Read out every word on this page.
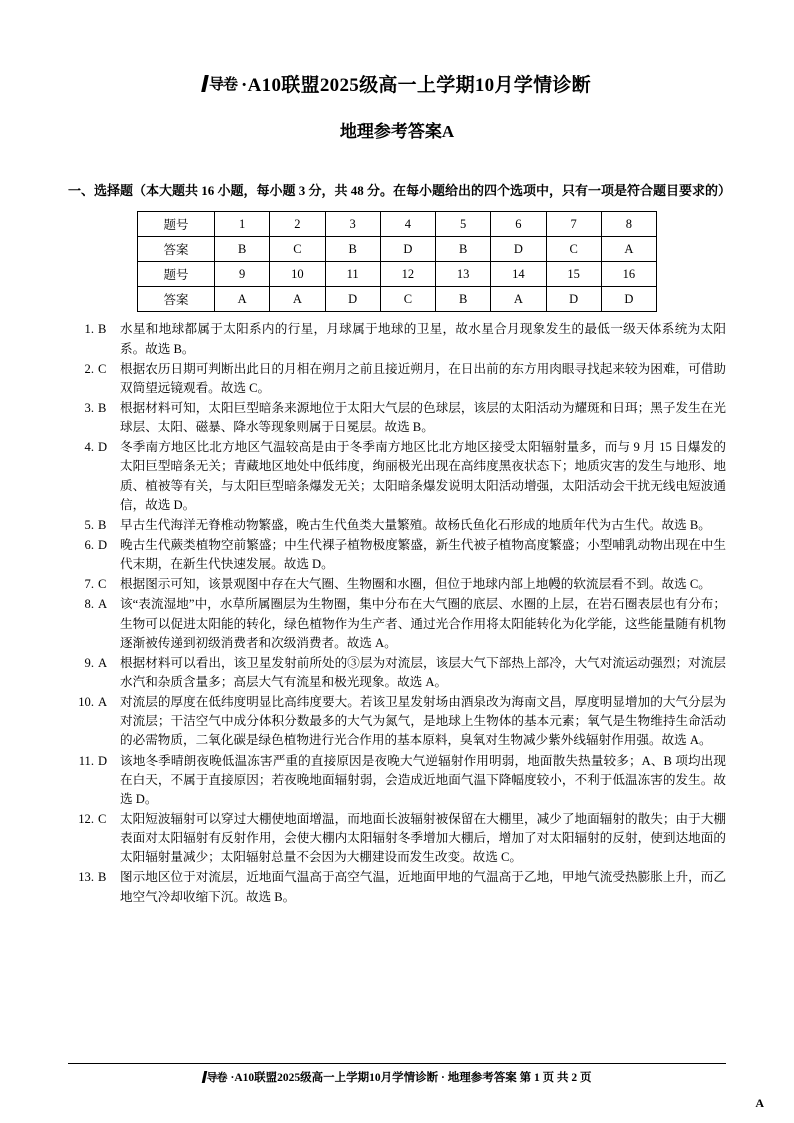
导卷 ·A10联盟2025级高一上学期10月学情诊断
地理参考答案A
一、选择题（本大题共 16 小题，每小题 3 分，共 48 分。在每小题给出的四个选项中，只有一项是符合题目要求的）
题号	1	2	3	4	5	6	7	8
答案	B	C	B	D	B	D	C	A
题号	9	10	11	12	13	14	15	16
答案	A	A	D	C	B	A	D	D
1. B	水星和地球都属于太阳系内的行星，月球属于地球的卫星，故水星合月现象发生的最低一级天体系统为太阳系。故选 B。
2. C	根据农历日期可判断出此日的月相在朔月之前且接近朔月，在日出前的东方用肉眼寻找起来较为困难，可借助双筒望远镜观看。故选 C。
3. B	根据材料可知，太阳巨型暗条来源地位于太阳大气层的色球层，该层的太阳活动为耀斑和日珥；黑子发生在光球层、太阳、磁暴、降水等现象则属于日冕层。故选 B。
4. D	冬季南方地区比北方地区气温较高是由于冬季南方地区比北方地区接受太阳辐射量多，而与 9 月 15 日爆发的太阳巨型暗条无关；青藏地区地处中低纬度，绚丽极光出现在高纬度黑夜状态下；地质灾害的发生与地形、地质、植被等有关，与太阳巨型暗条爆发无关；太阳暗条爆发说明太阳活动增强，太阳活动会干扰无线电短波通信，故选 D。
5. B	早古生代海洋无脊椎动物繁盛，晚古生代鱼类大量繁殖。故杨氏鱼化石形成的地质年代为古生代。故选 B。
6. D	晚古生代蕨类植物空前繁盛；中生代裸子植物极度繁盛，新生代被子植物高度繁盛；小型哺乳动物出现在中生代末期，在新生代快速发展。故选 D。
7. C	根据图示可知，该景观图中存在大气圈、生物圈和水圈，但位于地球内部上地幔的软流层看不到。故选 C。
8. A	该“表流湿地”中，水草所属圈层为生物圈，集中分布在大气圈的底层、水圈的上层，在岩石圈表层也有分布；生物可以促进太阳能的转化，绿色植物作为生产者、通过光合作用将太阳能转化为化学能，这些能量随有机物逐渐被传递到初级消费者和次级消费者。故选 A。
9. A	根据材料可以看出，该卫星发射前所处的③层为对流层，该层大气下部热上部冷，大气对流运动强烈；对流层水汽和杂质含量多；高层大气有流星和极光现象。故选 A。
10. A	对流层的厚度在低纬度明显比高纬度要大。若该卫星发射场由酒泉改为海南文昌，厚度明显增加的大气分层为对流层；干洁空气中成分体积分数最多的大气为氮气，是地球上生物体的基本元素；氧气是生物维持生命活动的必需物质，二氧化碳是绿色植物进行光合作用的基本原料，臭氧对生物减少紫外线辐射作用强。故选 A。
11. D	该地冬季晴朗夜晚低温冻害严重的直接原因是夜晚大气逆辐射作用明弱，地面散失热量较多；A、B 项均出现在白天，不属于直接原因；若夜晚地面辐射弱，会造成近地面气温下降幅度较小，不利于低温冻害的发生。故选 D。
12. C	太阳短波辐射可以穿过大棚使地面增温，而地面长波辐射被保留在大棚里，减少了地面辐射的散失；由于大棚表面对太阳辐射有反射作用，会使大棚内太阳辐射冬季增加大棚后，增加了对太阳辐射的反射，使到达地面的太阳辐射量减少；太阳辐射总量不会因为大棚建设而发生改变。故选 C。
13. B	图示地区位于对流层，近地面气温高于高空气温，近地面甲地的气温高于乙地，甲地气流受热膨胀上升，而乙地空气冷却收缩下沉。故选 B。
导卷 ·A10联盟2025级高一上学期10月学情诊断 · 地理参考答案 第 1 页 共 2 页
A
